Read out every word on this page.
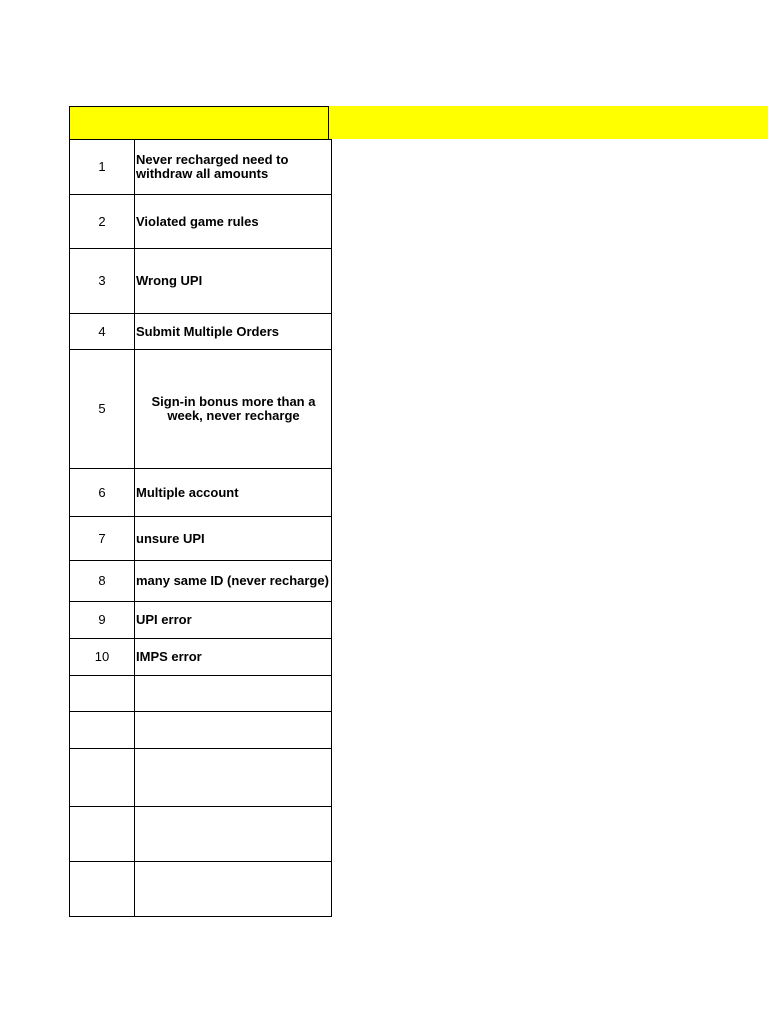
1	Never recharged need to withdraw all amounts
2	Violated game rules
3	Wrong UPI
4	Submit Multiple Orders
5	Sign-in bonus more than a week, never recharge
6	Multiple account
7	unsure UPI
8	many same ID (never recharge)
9	UPI error
10	IMPS error
